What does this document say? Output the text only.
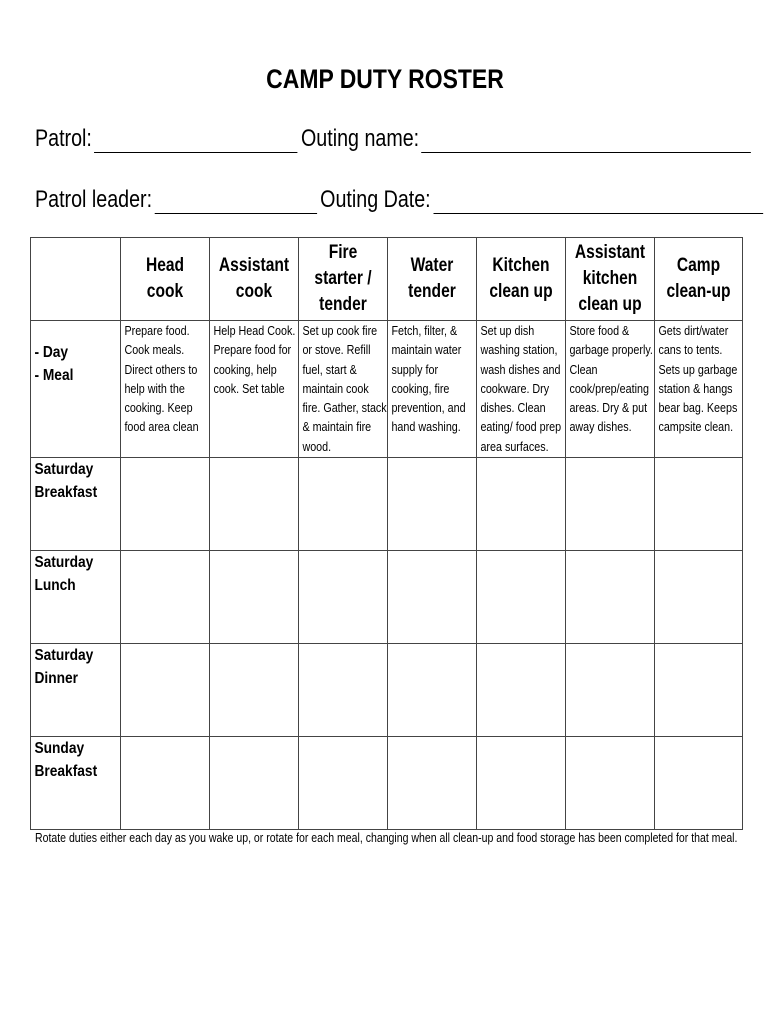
CAMP DUTY ROSTER
Patrol:	Outing name:
Patrol leader:	Outing Date:
	Head cook	Assistant cook	Fire starter / tender	Water tender	Kitchen clean up	Assistant kitchen clean up	Camp clean-up

- Day
- Meal	Prepare food. Cook meals. Direct others to help with the cooking. Keep food area clean	Help Head Cook. Prepare food for cooking, help cook. Set table	Set up cook fire or stove. Refill fuel, start & maintain cook fire. Gather, stack & maintain fire wood.	Fetch, filter, & maintain water supply for cooking, fire prevention, and hand washing.	Set up dish washing station, wash dishes and cookware. Dry dishes. Clean eating/ food prep area surfaces.	Store food & garbage properly. Clean cook/prep/eating areas. Dry & put away dishes.	Gets dirt/water cans to tents. Sets up garbage station & hangs bear bag. Keeps campsite clean.

Saturday
Breakfast							

Saturday
Lunch							

Saturday
Dinner							

Sunday
Breakfast							

Rotate duties either each day as you wake up, or rotate for each meal, changing when all clean-up and food storage has been completed for that meal.
